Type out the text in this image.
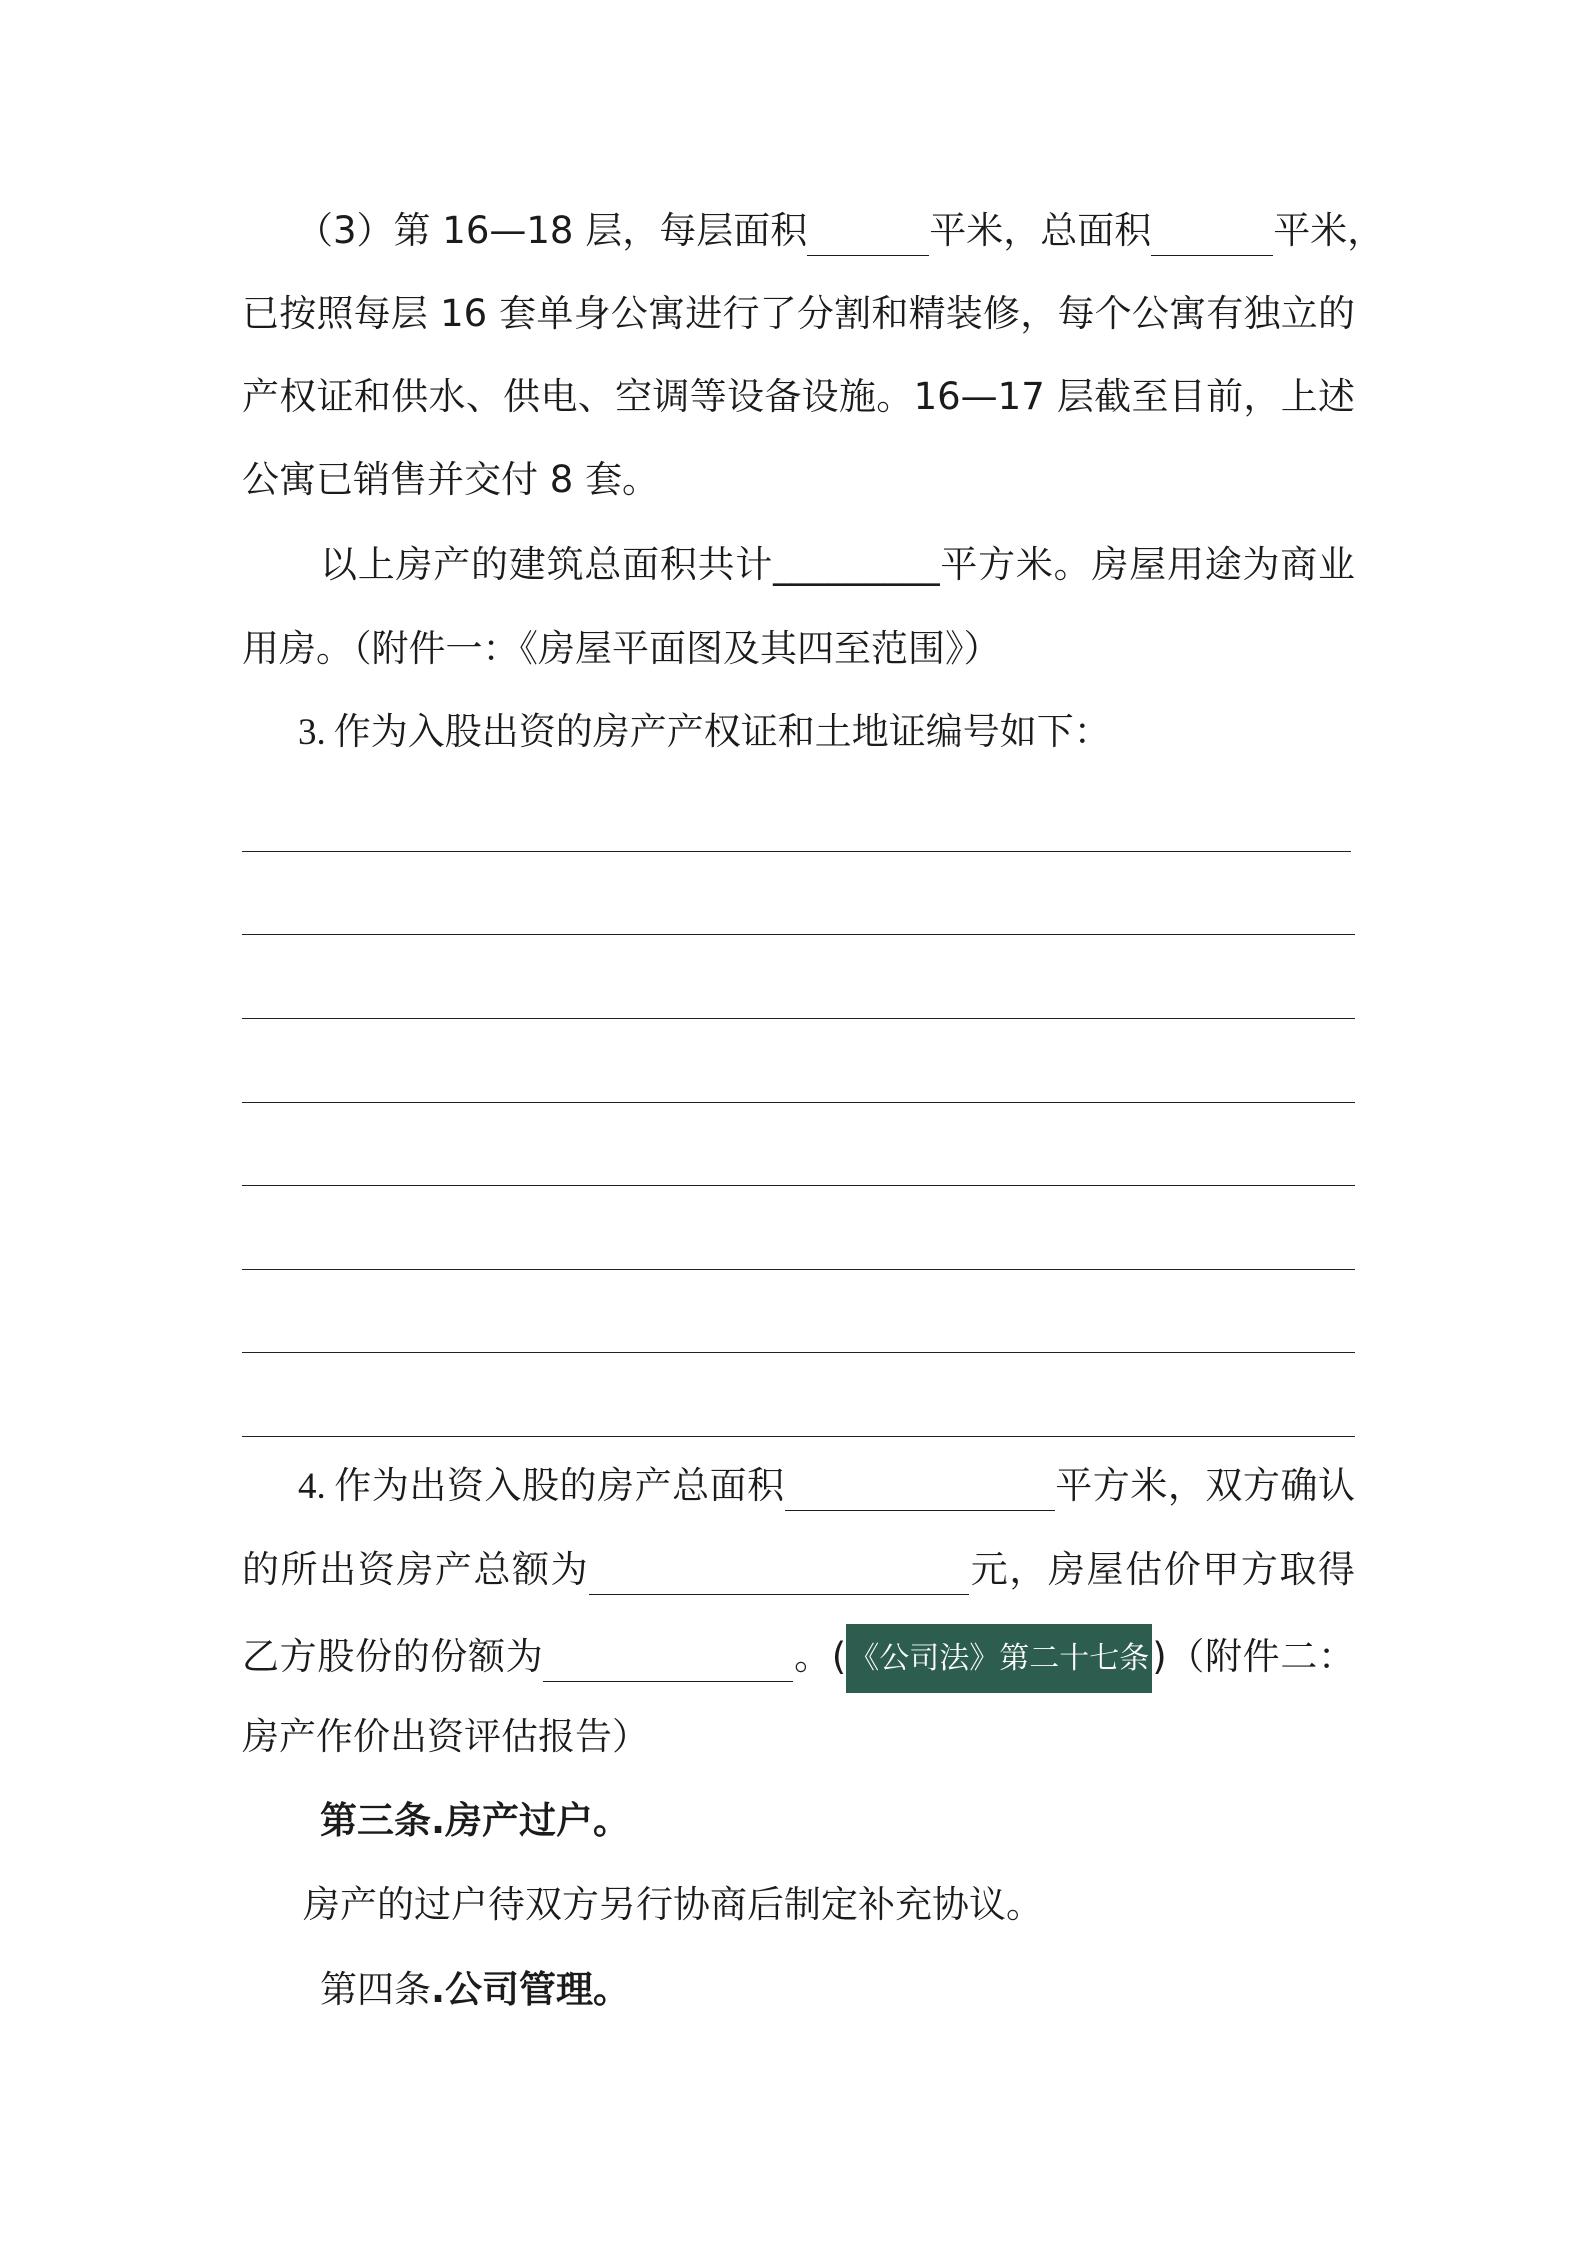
（3）第 16—18 层，每层面积	平米，总面积	平米，
已按照每层 16 套单身公寓进行了分割和精装修，每个公寓有独立的
产权证和供水、供电、空调等设备设施。16—17 层截至目前，上述
公寓已销售并交付 8 套。
以上房产的建筑总面积共计_________平方米。房屋用途为商业
用房。（附件一：《房屋平面图及其四至范围》）
3. 作为入股出资的房产产权证和土地证编号如下：
4. 作为出资入股的房产总面积	平方米，双方确认
的所出资房产总额为	元，房屋估价甲方取得
乙方股份的份额为	。( 《公司法》第二十七条)（附件二：
房产作价出资评估报告）
第三条.房产过户。
房产的过户待双方另行协商后制定补充协议。
第四条.公司管理。
